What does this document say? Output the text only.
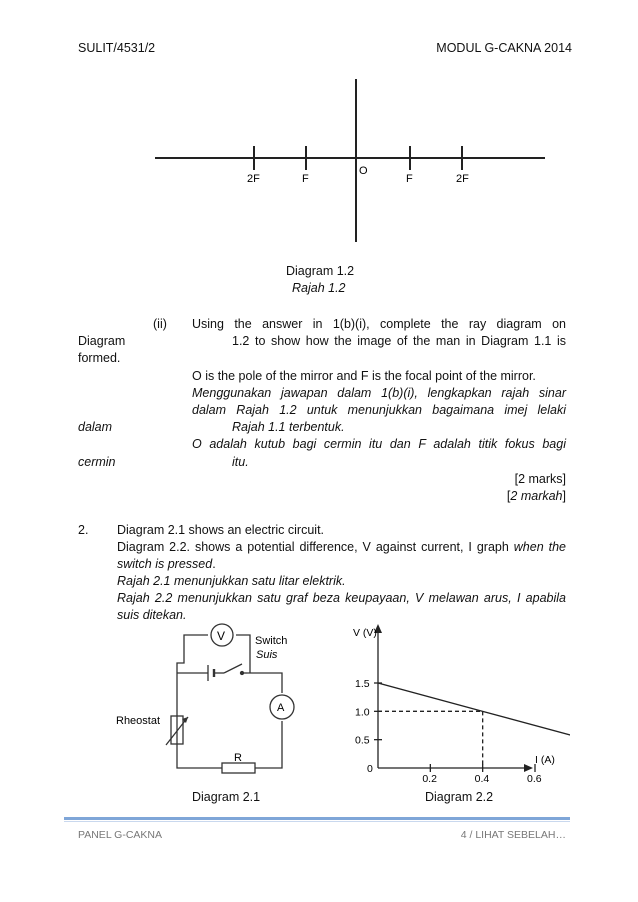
SULIT/4531/2	MODUL G-CAKNA 2014
2F	F
O
F	2F
Diagram 1.2
Rajah 1.2
(ii) Using the answer in 1(b)(i), complete the ray diagram on
Diagram	1.2 to show how the image of the man in Diagram 1.1 is
formed.
O is the pole of the mirror and F is the focal point of the mirror.
Menggunakan jawapan dalam 1(b)(i), lengkapkan rajah sinar
dalam Rajah 1.2 untuk menunjukkan bagaimana imej lelaki
dalam	Rajah 1.1 terbentuk.
O adalah kutub bagi cermin itu dan F adalah titik fokus bagi
cermin	itu.
[2 marks]
[2 markah]
2. Diagram 2.1 shows an electric circuit.
Diagram 2.2. shows a potential difference, V against current, I graph when the
switch is pressed.
Rajah 2.1 menunjukkan satu litar elektrik.
Rajah 2.2 menunjukkan satu graf beza keupayaan, V melawan arus, I apabila
suis ditekan.
V	Switch
Suis
A
Rheostat
R
V (V)
I (A)
0
0.2	0.4	0.6
0.5
1.0
1.5
Diagram 2.1	Diagram 2.2
PANEL G-CAKNA	4 / LIHAT SEBELAH…
